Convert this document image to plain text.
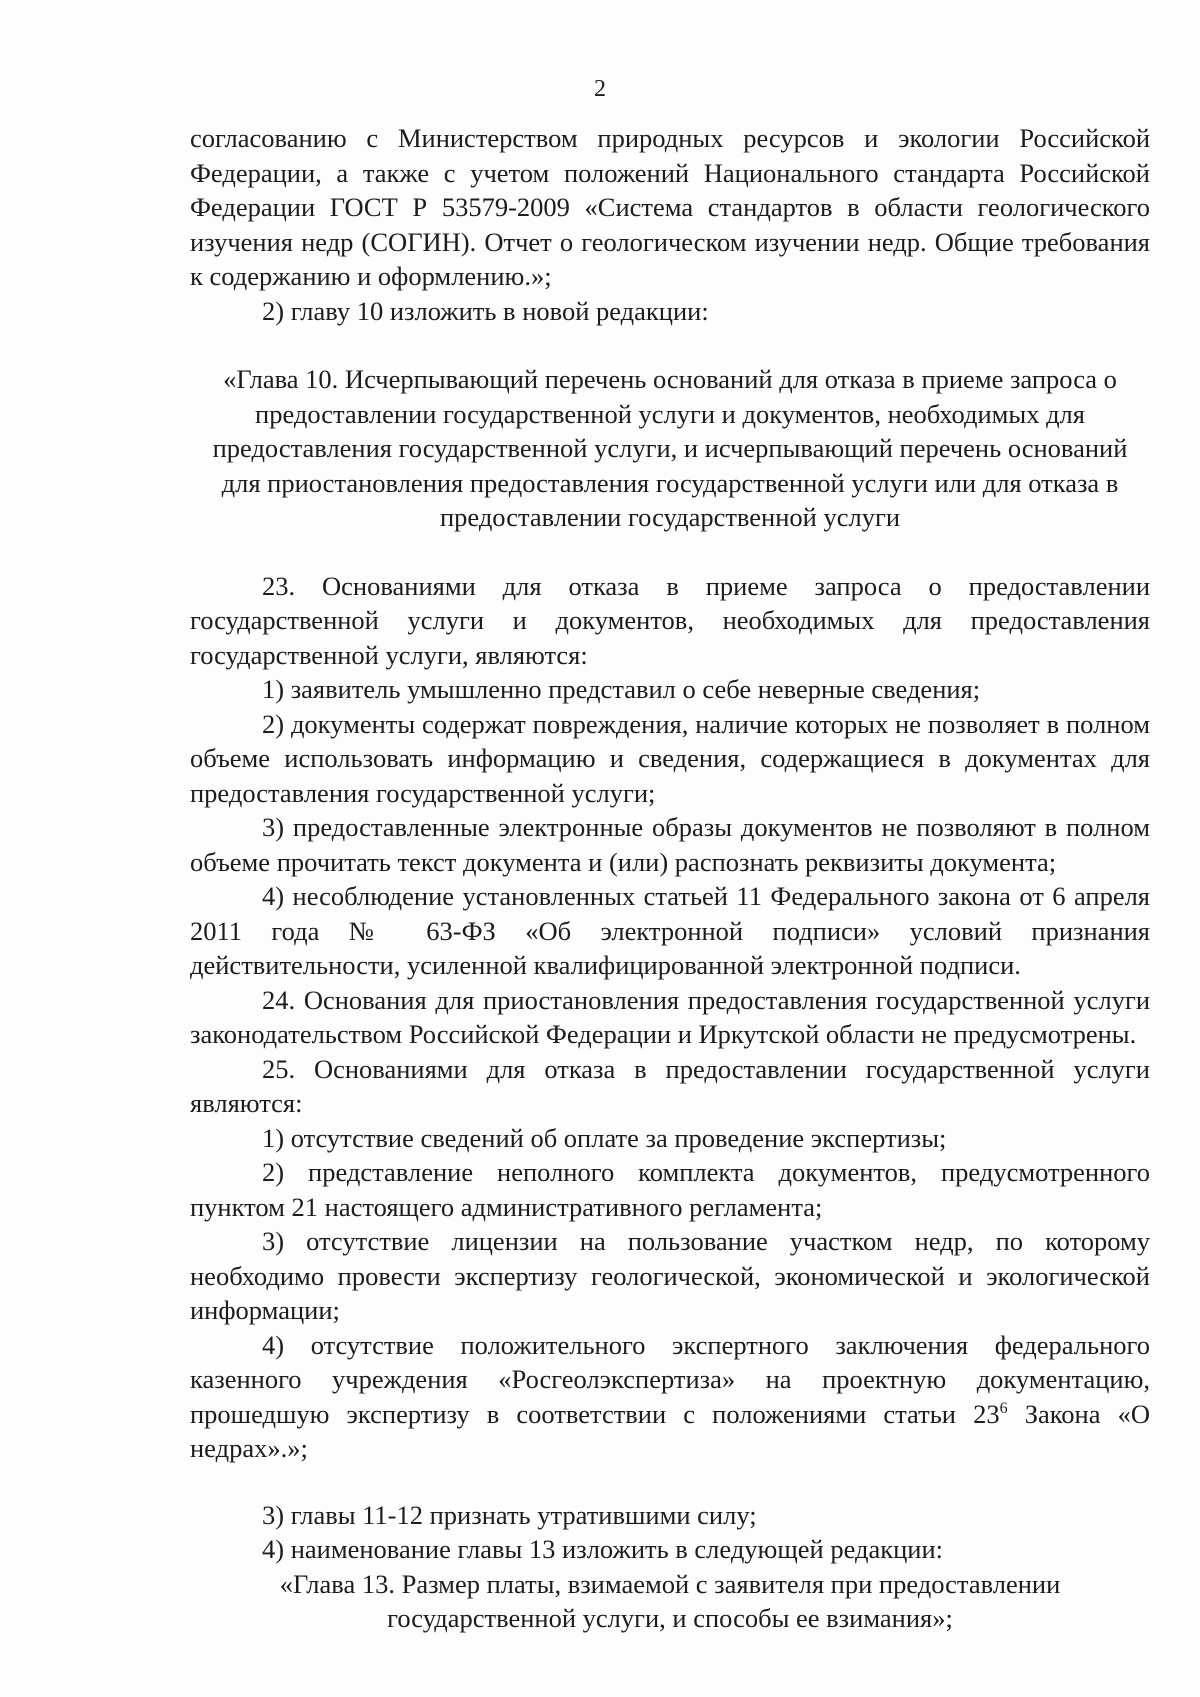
2

согласованию с Министерством природных ресурсов и экологии Российской Федерации, а также с учетом положений Национального стандарта Российской Федерации ГОСТ Р 53579-2009 «Система стандартов в области геологического изучения недр (СОГИН). Отчет о геологическом изучении недр. Общие требования к содержанию и оформлению.»;

2) главу 10 изложить в новой редакции:

«Глава 10. Исчерпывающий перечень оснований для отказа в приеме запроса о предоставлении государственной услуги и документов, необходимых для предоставления государственной услуги, и исчерпывающий перечень оснований для приостановления предоставления государственной услуги или для отказа в предоставлении государственной услуги

23. Основаниями для отказа в приеме запроса о предоставлении государственной услуги и документов, необходимых для предоставления государственной услуги, являются:

1) заявитель умышленно представил о себе неверные сведения;

2) документы содержат повреждения, наличие которых не позволяет в полном объеме использовать информацию и сведения, содержащиеся в документах для предоставления государственной услуги;

3) предоставленные электронные образы документов не позволяют в полном объеме прочитать текст документа и (или) распознать реквизиты документа;

4) несоблюдение установленных статьей 11 Федерального закона от 6 апреля 2011 года № 63-ФЗ «Об электронной подписи» условий признания действительности, усиленной квалифицированной электронной подписи.

24. Основания для приостановления предоставления государственной услуги законодательством Российской Федерации и Иркутской области не предусмотрены.

25. Основаниями для отказа в предоставлении государственной услуги являются:

1) отсутствие сведений об оплате за проведение экспертизы;

2) представление неполного комплекта документов, предусмотренного пунктом 21 настоящего административного регламента;

3) отсутствие лицензии на пользование участком недр, по которому необходимо провести экспертизу геологической, экономической и экологической информации;

4) отсутствие положительного экспертного заключения федерального казенного учреждения «Росгеолэкспертиза» на проектную документацию, прошедшую экспертизу в соответствии с положениями статьи $23^6$ Закона «О недрах».»;

3) главы 11-12 признать утратившими силу;

4) наименование главы 13 изложить в следующей редакции:

«Глава 13. Размер платы, взимаемой с заявителя при предоставлении государственной услуги, и способы ее взимания»;
